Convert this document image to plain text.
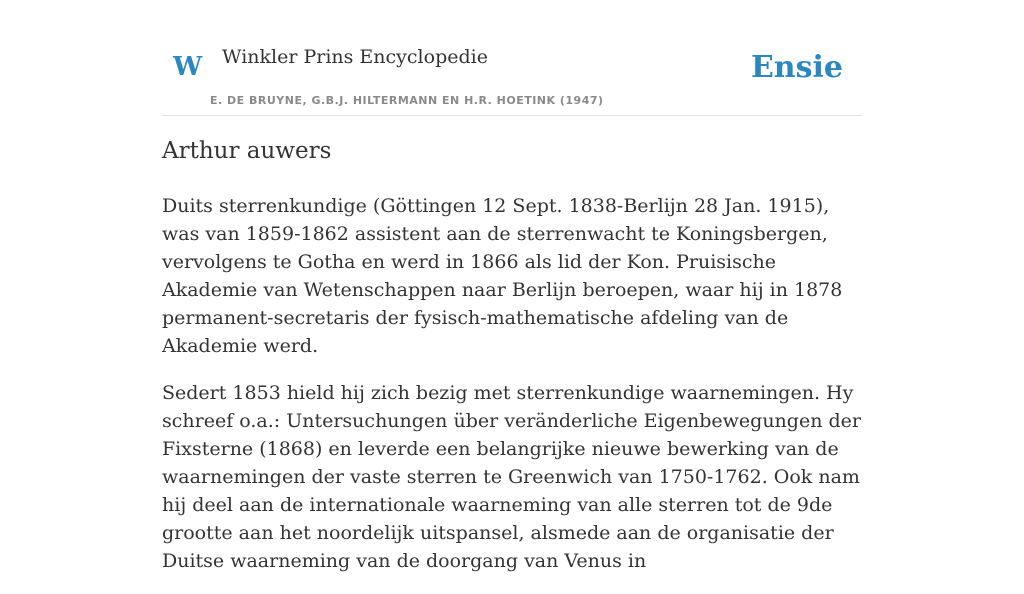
W Winkler Prins Encyclopedie
E. DE BRUYNE, G.B.J. HILTERMANN EN H.R. HOETINK (1947)
Ensie
Arthur auwers

Duits sterrenkundige (Göttingen 12 Sept. 1838-Berlijn 28 Jan. 1915), was van 1859-1862 assistent aan de sterrenwacht te Koningsbergen, vervolgens te Gotha en werd in 1866 als lid der Kon. Pruisische Akademie van Wetenschappen naar Berlijn beroepen, waar hij in 1878 permanent-secretaris der fysisch-mathematische afdeling van de Akademie werd.

Sedert 1853 hield hij zich bezig met sterrenkundige waarnemingen. Hy schreef o.a.: Untersuchungen über veränderliche Eigenbewegungen der Fixsterne (1868) en leverde een belangrijke nieuwe bewerking van de waarnemingen der vaste sterren te Greenwich van 1750-1762. Ook nam hij deel aan de internationale waarneming van alle sterren tot de 9de grootte aan het noordelijk uitspansel, alsmede aan de organisatie der Duitse waarneming van de doorgang van Venus in
